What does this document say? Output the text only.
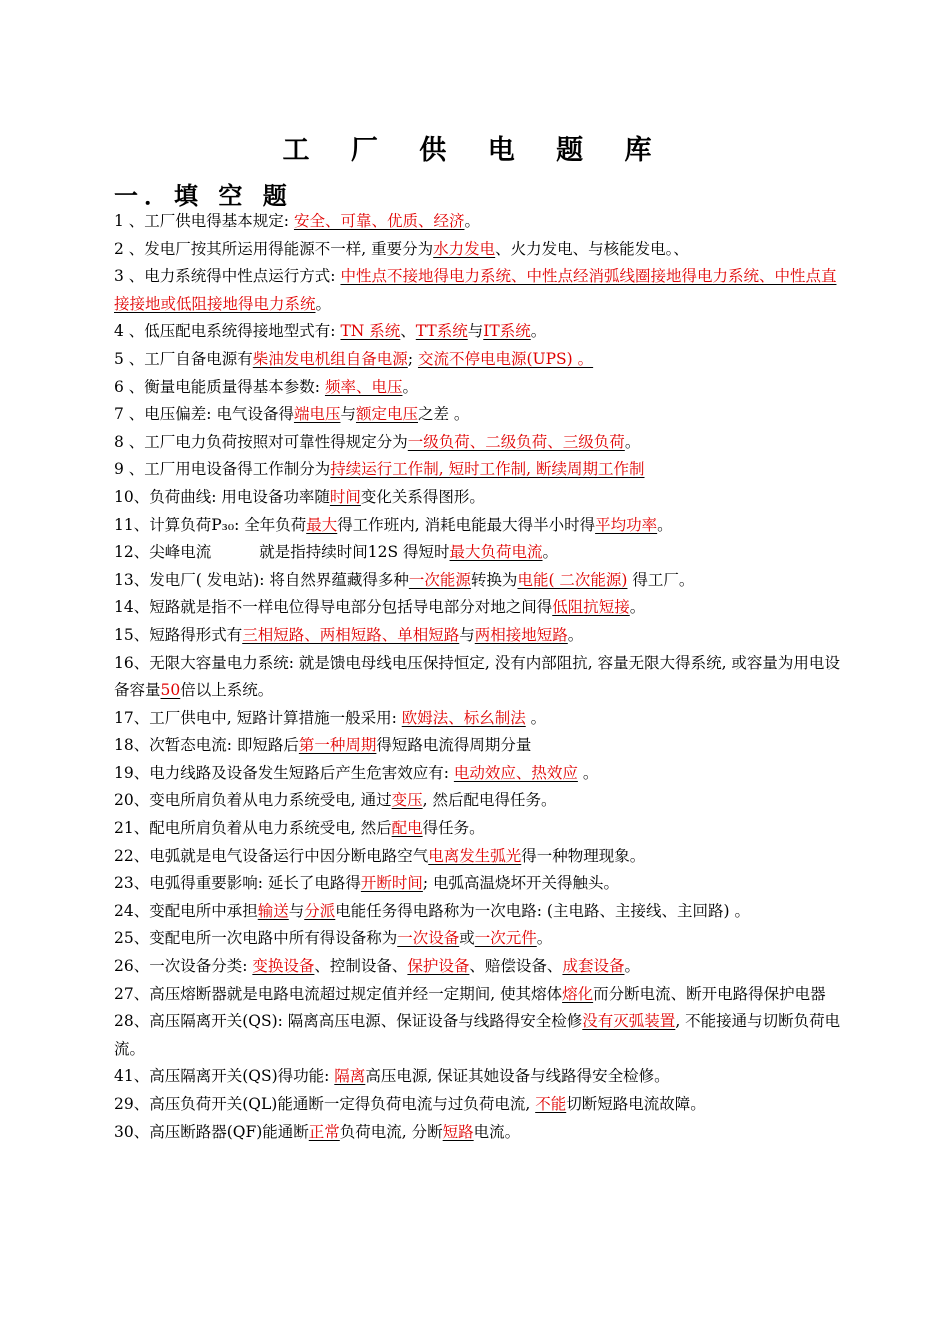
工 厂 供 电 题 库
一．填 空 题

1 、工厂供电得基本规定: 安全、可靠、优质、经济。

2 、发电厂按其所运用得能源不一样, 重要分为水力发电、火力发电、与核能发电。、

3 、电力系统得中性点运行方式: 中性点不接地得电力系统、中性点经消弧线圈接地得电力系统、中性点直接接地或低阻接地得电力系统。

4 、低压配电系统得接地型式有: TN 系统、TT系统与IT系统。

5 、工厂自备电源有柴油发电机组自备电源; 交流不停电电源(UPS) 。

6 、衡量电能质量得基本参数: 频率、电压。

7 、电压偏差: 电气设备得端电压与额定电压之差 。

8 、工厂电力负荷按照对可靠性得规定分为一级负荷、二级负荷、三级负荷。

9 、工厂用电设备得工作制分为持续运行工作制, 短时工作制, 断续周期工作制

10、负荷曲线: 用电设备功率随时间变化关系得图形。

11、计算负荷P₃₀: 全年负荷最大得工作班内, 消耗电能最大得半小时得平均功率。

12、尖峰电流	就是指持续时间12S 得短时最大负荷电流。

13、发电厂( 发电站): 将自然界蕴藏得多种一次能源转换为电能( 二次能源) 得工厂。

14、短路就是指不一样电位得导电部分包括导电部分对地之间得低阻抗短接。

15、短路得形式有三相短路、两相短路、单相短路与两相接地短路。

16、无限大容量电力系统: 就是馈电母线电压保持恒定, 没有内部阻抗, 容量无限大得系统, 或容量为用电设备容量50倍以上系统。

17、工厂供电中, 短路计算措施一般采用: 欧姆法、标幺制法 。

18、次暂态电流: 即短路后第一种周期得短路电流得周期分量

19、电力线路及设备发生短路后产生危害效应有: 电动效应、热效应 。

20、变电所肩负着从电力系统受电, 通过变压, 然后配电得任务。

21、配电所肩负着从电力系统受电, 然后配电得任务。

22、电弧就是电气设备运行中因分断电路空气电离发生弧光得一种物理现象。

23、电弧得重要影响: 延长了电路得开断时间; 电弧高温烧坏开关得触头。

24、变配电所中承担输送与分派电能任务得电路称为一次电路: (主电路、主接线、主回路) 。

25、变配电所一次电路中所有得设备称为一次设备或一次元件。

26、一次设备分类: 变换设备、控制设备、保护设备、赔偿设备、成套设备。

27、高压熔断器就是电路电流超过规定值并经一定期间, 使其熔体熔化而分断电流、断开电路得保护电器

28、高压隔离开关(QS): 隔离高压电源、保证设备与线路得安全检修没有灭弧装置, 不能接通与切断负荷电流。

41、高压隔离开关(QS)得功能: 隔离高压电源, 保证其她设备与线路得安全检修。

29、高压负荷开关(QL)能通断一定得负荷电流与过负荷电流, 不能切断短路电流故障。

30、高压断路器(QF)能通断正常负荷电流, 分断短路电流。
